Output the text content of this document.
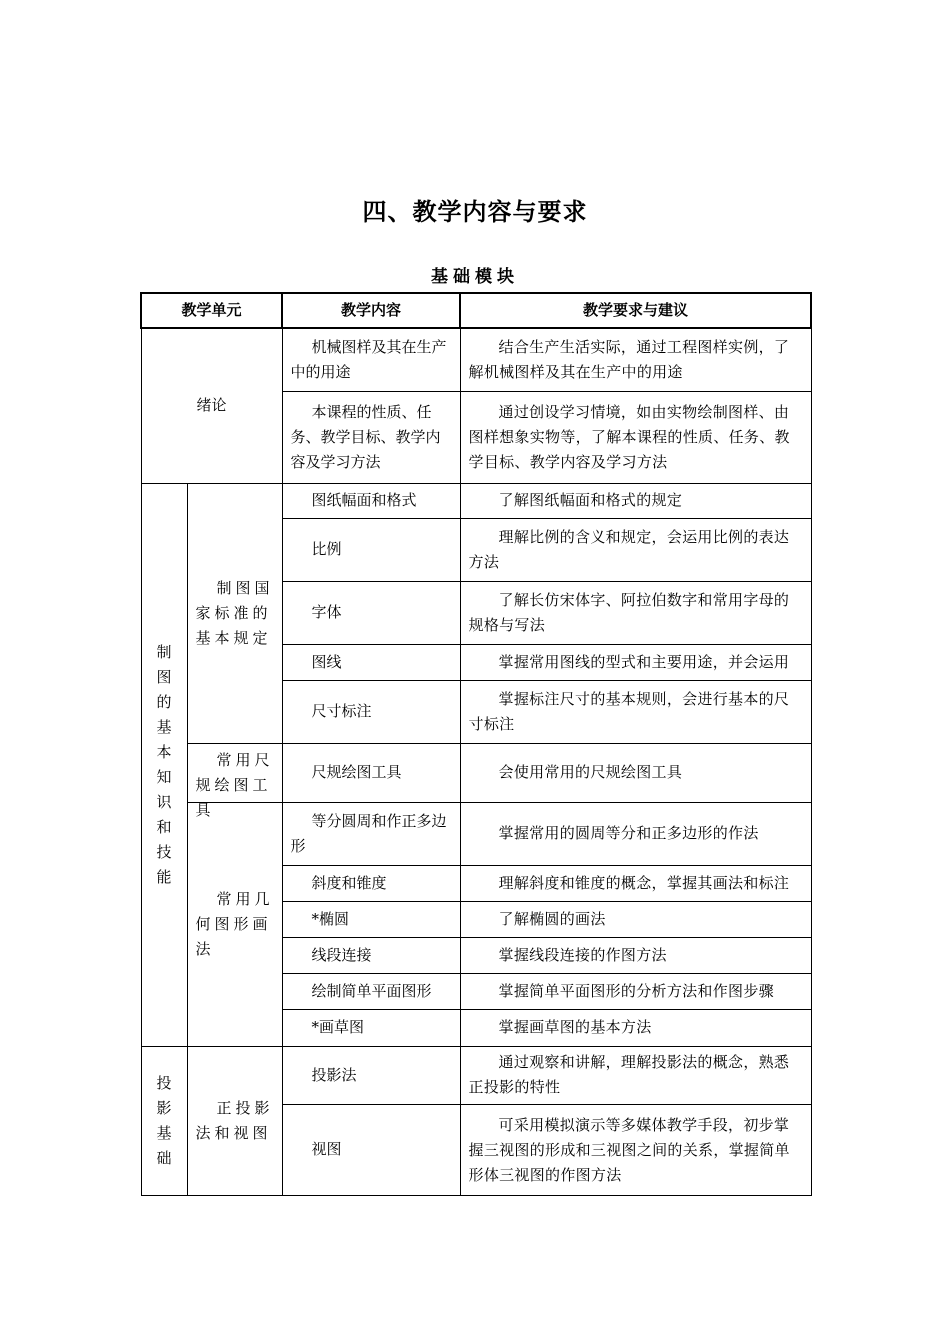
四、教学内容与要求
基础模块
教学单元		教学内容	教学要求与建议
绪论		机械图样及其在生产中的用途	结合生产生活实际，通过工程图样实例，了解机械图样及其在生产中的用途
		本课程的性质、任务、教学目标、教学内容及学习方法	通过创设学习情境，如由实物绘制图样、由图样想象实物等，了解本课程的性质、任务、教学目标、教学内容及学习方法
制图的基本知识和技能	制图国家标准的基本规定	图纸幅面和格式	了解图纸幅面和格式的规定
		比例	理解比例的含义和规定，会运用比例的表达方法
		字体	了解长仿宋体字、阿拉伯数字和常用字母的规格与写法
		图线	掌握常用图线的型式和主要用途，并会运用

		尺寸标注	掌握标注尺寸的基本规则，会进行基本的尺寸标注

	常用尺规绘图工具	尺规绘图工具	会使用常用的尺规绘图工具
	常用几何图形画法	等分圆周和作正多边形	掌握常用的圆周等分和正多边形的作法
		斜度和锥度	理解斜度和锥度的概念，掌握其画法和标注
		*椭圆	了解椭圆的画法
		线段连接	掌握线段连接的作图方法
		绘制简单平面图形	掌握简单平面图形的分析方法和作图步骤
		*画草图	掌握画草图的基本方法
投影基础	正投影法和视图	投影法	通过观察和讲解，理解投影法的概念，熟悉正投影的特性
		视图	可采用模拟演示等多媒体教学手段，初步掌握三视图的形成和三视图之间的关系，掌握简单形体三视图的作图方法
